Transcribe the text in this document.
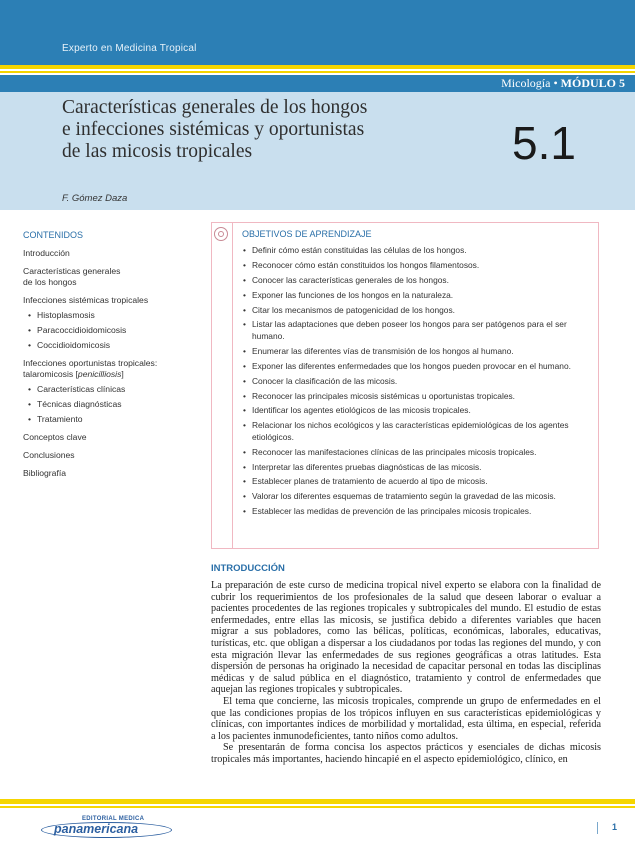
Experto en Medicina Tropical
Micología • MÓDULO 5
Características generales de los hongos
e infecciones sistémicas y oportunistas
de las micosis tropicales	5.1
F. Gómez Daza
CONTENIDOS
Introducción
Características generales
de los hongos
Infecciones sistémicas tropicales
• Histoplasmosis
• Paracoccidioidomicosis
• Coccidioidomicosis
Infecciones oportunistas tropicales:
talaromicosis [penicilliosis]
• Características clínicas
• Técnicas diagnósticas
• Tratamiento
Conceptos clave
Conclusiones
Bibliografía
OBJETIVOS DE APRENDIZAJE
• Definir cómo están constituidas las células de los hongos.
• Reconocer cómo están constituidos los hongos filamentosos.
• Conocer las características generales de los hongos.
• Exponer las funciones de los hongos en la naturaleza.
• Citar los mecanismos de patogenicidad de los hongos.
• Listar las adaptaciones que deben poseer los hongos para ser patógenos para el ser humano.
• Enumerar las diferentes vías de transmisión de los hongos al humano.
• Exponer las diferentes enfermedades que los hongos pueden provocar en el humano.
• Conocer la clasificación de las micosis.
• Reconocer las principales micosis sistémicas u oportunistas tropicales.
• Identificar los agentes etiológicos de las micosis tropicales.
• Relacionar los nichos ecológicos y las características epidemiológicas de los agentes etiológicos.
• Reconocer las manifestaciones clínicas de las principales micosis tropicales.
• Interpretar las diferentes pruebas diagnósticas de las micosis.
• Establecer planes de tratamiento de acuerdo al tipo de micosis.
• Valorar los diferentes esquemas de tratamiento según la gravedad de las micosis.
• Establecer las medidas de prevención de las principales micosis tropicales.
INTRODUCCIÓN

La preparación de este curso de medicina tropical nivel experto se elabora con la finalidad de cubrir los requerimientos de los profesionales de la salud que deseen laborar o evaluar a pacientes procedentes de las regiones tropicales y subtropicales del mundo. El estudio de estas enfermedades, entre ellas las micosis, se justifica debido a diferentes variables que hacen migrar a sus pobladores, como las bélicas, políticas, económicas, laborales, educativas, turísticas, etc. que obligan a dispersar a los ciudadanos por todas las regiones del mundo, y con esta migración llevar las enfermedades de sus regiones geográficas a otras latitudes. Esta dispersión de personas ha originado la necesidad de capacitar personal en todas las disciplinas médicas y de salud pública en el diagnóstico, tratamiento y control de enfermedades que aquejan las regiones tropicales y subtropicales.

El tema que concierne, las micosis tropicales, comprende un grupo de enfermedades en el que las condiciones propias de los trópicos influyen en sus características epidemiológicas y clínicas, con importantes índices de morbilidad y mortalidad, esta última, en especial, referida a los pacientes inmunodeficientes, tanto niños como adultos.

Se presentarán de forma concisa los aspectos prácticos y esenciales de dichas micosis tropicales más importantes, haciendo hincapié en el aspecto epidemiológico, clínico, en

EDITORIAL MEDICA
panamericana	1
